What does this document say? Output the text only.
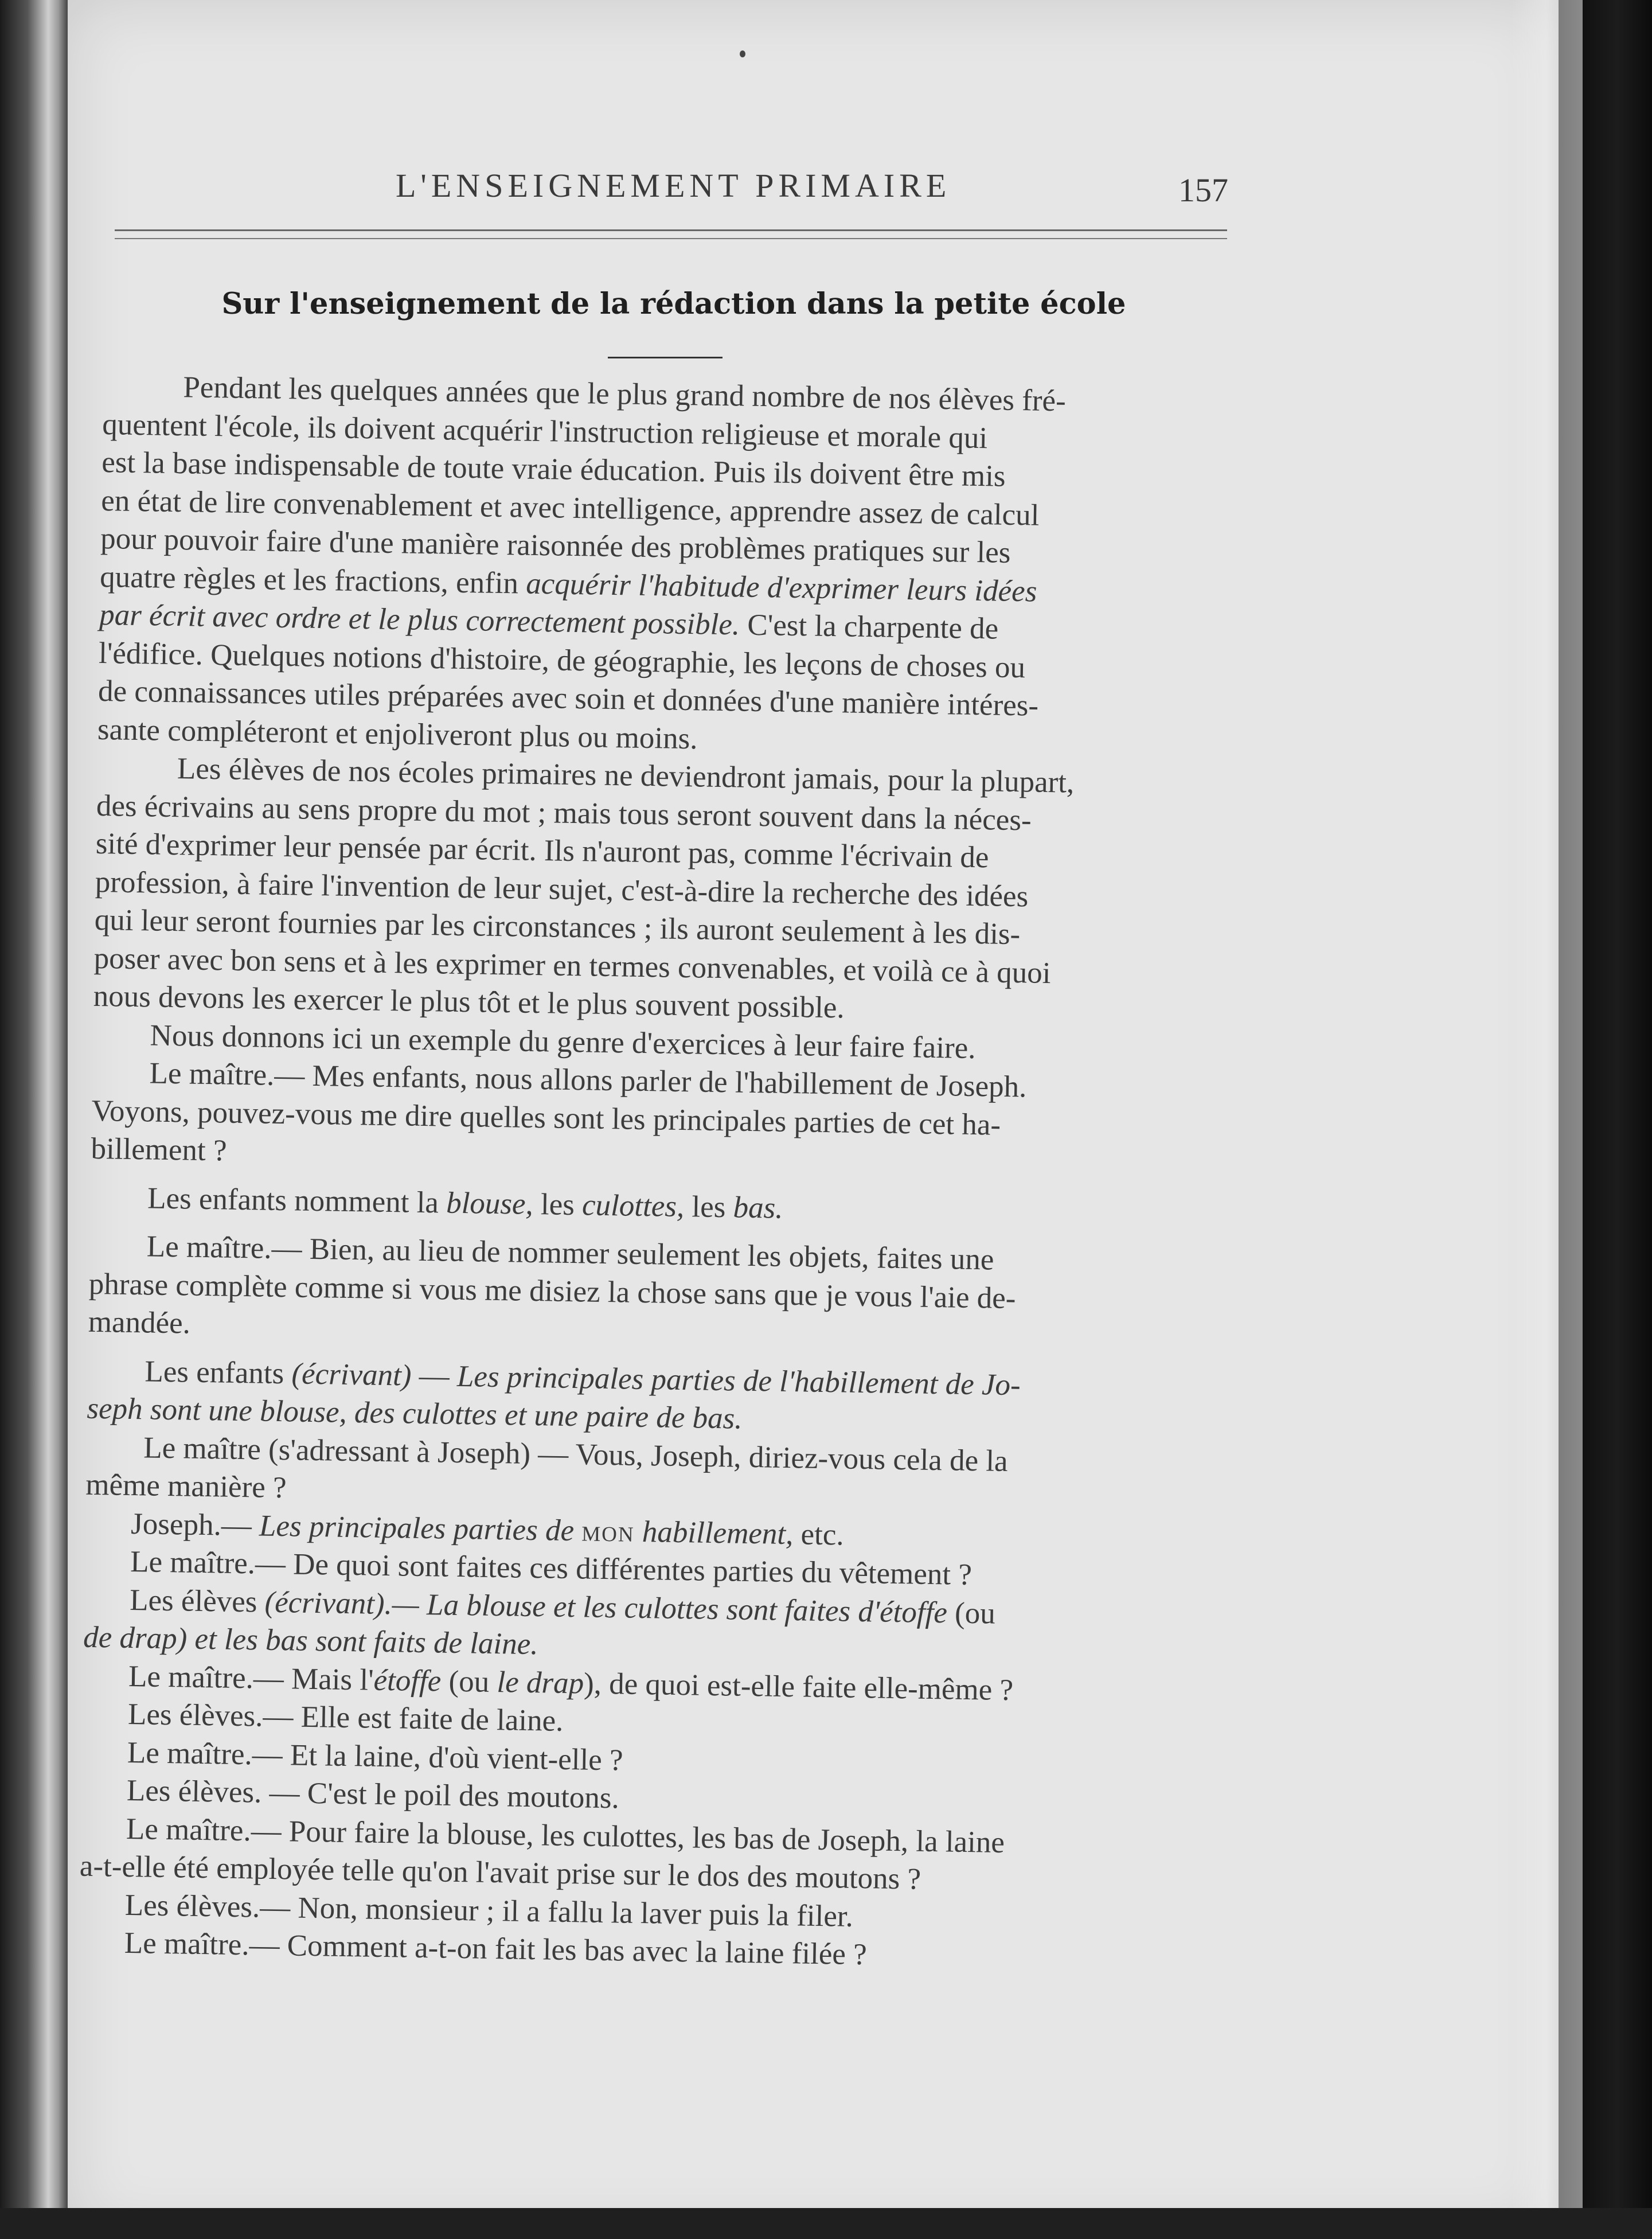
L'ENSEIGNEMENT PRIMAIRE	157
Sur l'enseignement de la rédaction dans la petite école
Pendant les quelques années que le plus grand nombre de nos élèves fré-
quentent l'école, ils doivent acquérir l'instruction religieuse et morale qui
est la base indispensable de toute vraie éducation. Puis ils doivent être mis
en état de lire convenablement et avec intelligence, apprendre assez de calcul
pour pouvoir faire d'une manière raisonnée des problèmes pratiques sur les
quatre règles et les fractions, enfin acquérir l'habitude d'exprimer leurs idées
par écrit avec ordre et le plus correctement possible. C'est la charpente de
l'édifice. Quelques notions d'histoire, de géographie, les leçons de choses ou
de connaissances utiles préparées avec soin et données d'une manière intéres-
sante compléteront et enjoliveront plus ou moins.
Les élèves de nos écoles primaires ne deviendront jamais, pour la plupart,
des écrivains au sens propre du mot ; mais tous seront souvent dans la néces-
sité d'exprimer leur pensée par écrit. Ils n'auront pas, comme l'écrivain de
profession, à faire l'invention de leur sujet, c'est-à-dire la recherche des idées
qui leur seront fournies par les circonstances ; ils auront seulement à les dis-
poser avec bon sens et à les exprimer en termes convenables, et voilà ce à quoi
nous devons les exercer le plus tôt et le plus souvent possible.
Nous donnons ici un exemple du genre d'exercices à leur faire faire.
Le maître.— Mes enfants, nous allons parler de l'habillement de Joseph.
Voyons, pouvez-vous me dire quelles sont les principales parties de cet ha-
billement ?
Les enfants nomment la blouse, les culottes, les bas.
Le maître.— Bien, au lieu de nommer seulement les objets, faites une
phrase complète comme si vous me disiez la chose sans que je vous l'aie de-
mandée.
Les enfants (écrivant) — Les principales parties de l'habillement de Jo-
seph sont une blouse, des culottes et une paire de bas.
Le maître (s'adressant à Joseph) — Vous, Joseph, diriez-vous cela de la
même manière ?
Joseph.— Les principales parties de mon habillement, etc.
Le maître.— De quoi sont faites ces différentes parties du vêtement ?
Les élèves (écrivant).— La blouse et les culottes sont faites d'étoffe (ou
de drap) et les bas sont faits de laine.
Le maître.— Mais l'étoffe (ou le drap), de quoi est-elle faite elle-même ?
Les élèves.— Elle est faite de laine.
Le maître.— Et la laine, d'où vient-elle ?
Les élèves. — C'est le poil des moutons.
Le maître.— Pour faire la blouse, les culottes, les bas de Joseph, la laine
a-t-elle été employée telle qu'on l'avait prise sur le dos des moutons ?
Les élèves.— Non, monsieur ; il a fallu la laver puis la filer.
Le maître.— Comment a-t-on fait les bas avec la laine filée ?
